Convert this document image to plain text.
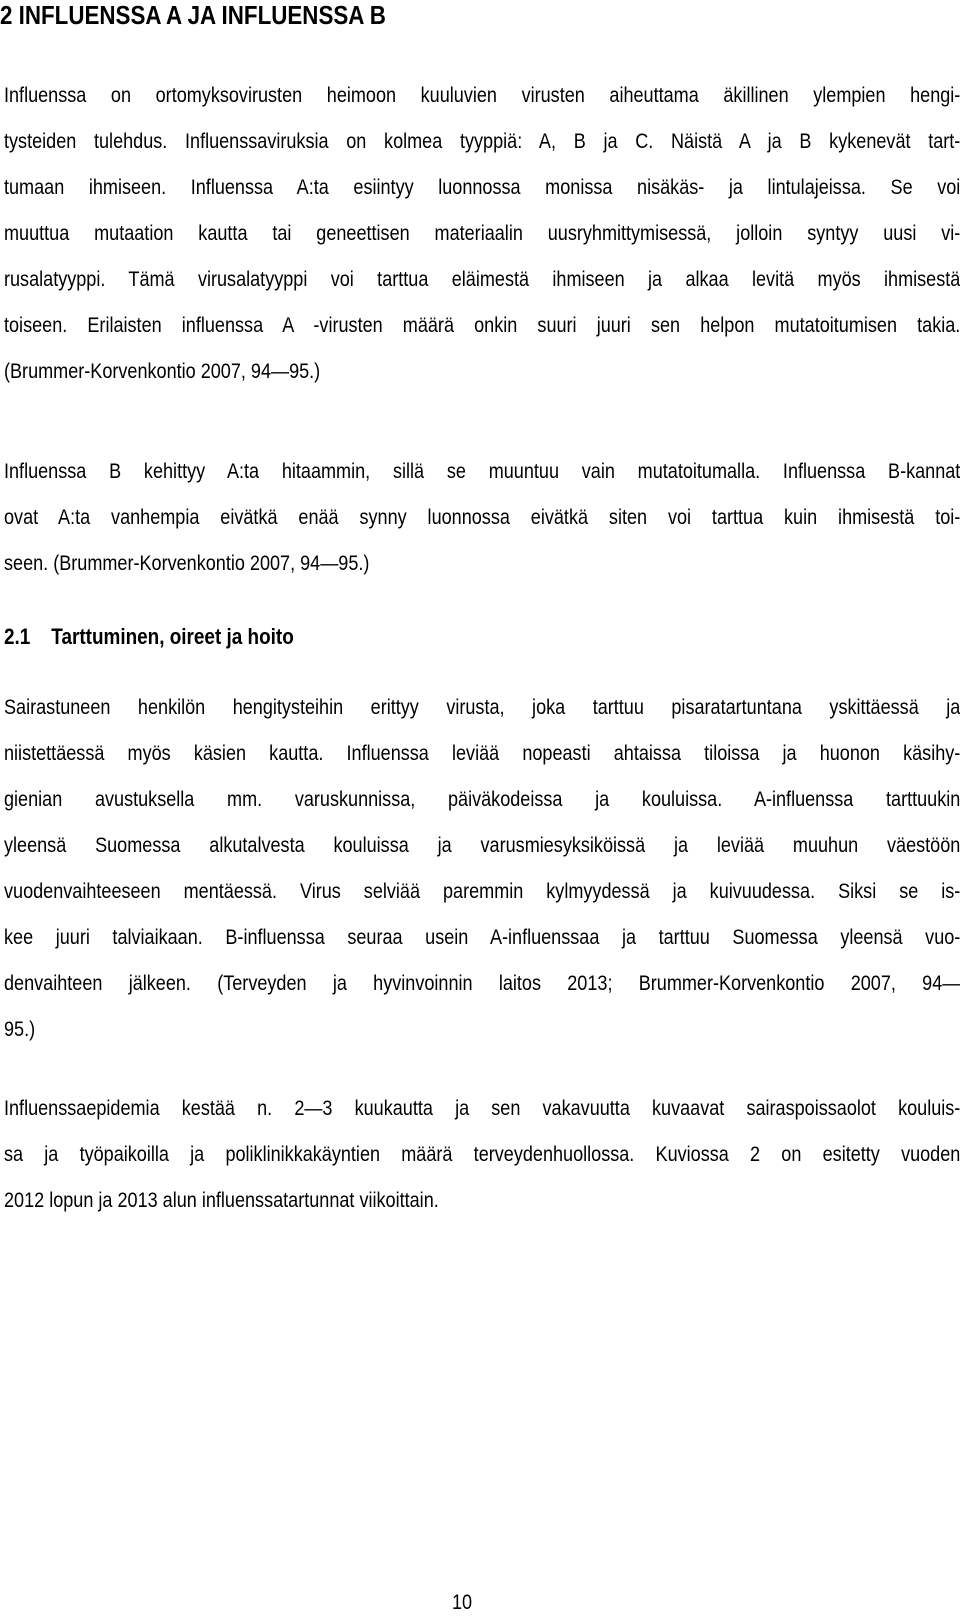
2 INFLUENSSA A JA INFLUENSSA B

Influenssa on ortomyksovirusten heimoon kuuluvien virusten aiheuttama äkillinen ylempien hengi-
tysteiden tulehdus. Influenssaviruksia on kolmea tyyppiä: A, B ja C. Näistä A ja B kykenevät tart-
tumaan ihmiseen. Influenssa A:ta esiintyy luonnossa monissa nisäkäs- ja lintulajeissa. Se voi
muuttua mutaation kautta tai geneettisen materiaalin uusryhmittymisessä, jolloin syntyy uusi vi-
rusalatyyppi. Tämä virusalatyyppi voi tarttua eläimestä ihmiseen ja alkaa levitä myös ihmisestä
toiseen. Erilaisten influenssa A -virusten määrä onkin suuri juuri sen helpon mutatoitumisen takia.
(Brummer-Korvenkontio 2007, 94—95.)

Influenssa B kehittyy A:ta hitaammin, sillä se muuntuu vain mutatoitumalla. Influenssa B-kannat
ovat A:ta vanhempia eivätkä enää synny luonnossa eivätkä siten voi tarttua kuin ihmisestä toi-
seen. (Brummer-Korvenkontio 2007, 94—95.)

2.1 Tarttuminen, oireet ja hoito

Sairastuneen henkilön hengitysteihin erittyy virusta, joka tarttuu pisaratartuntana yskittäessä ja
niistettäessä myös käsien kautta. Influenssa leviää nopeasti ahtaissa tiloissa ja huonon käsihy-
gienian avustuksella mm. varuskunnissa, päiväkodeissa ja kouluissa. A-influenssa tarttuukin
yleensä Suomessa alkutalvesta kouluissa ja varusmiesyksiköissä ja leviää muuhun väestöön
vuodenvaihteeseen mentäessä. Virus selviää paremmin kylmyydessä ja kuivuudessa. Siksi se is-
kee juuri talviaikaan. B-influenssa seuraa usein A-influenssaa ja tarttuu Suomessa yleensä vuo-
denvaihteen jälkeen. (Terveyden ja hyvinvoinnin laitos 2013; Brummer-Korvenkontio 2007, 94—
95.)

Influenssaepidemia kestää n. 2—3 kuukautta ja sen vakavuutta kuvaavat sairaspoissaolot kouluis-
sa ja työpaikoilla ja poliklinikkakäyntien määrä terveydenhuollossa. Kuviossa 2 on esitetty vuoden
2012 lopun ja 2013 alun influenssatartunnat viikoittain.

10
